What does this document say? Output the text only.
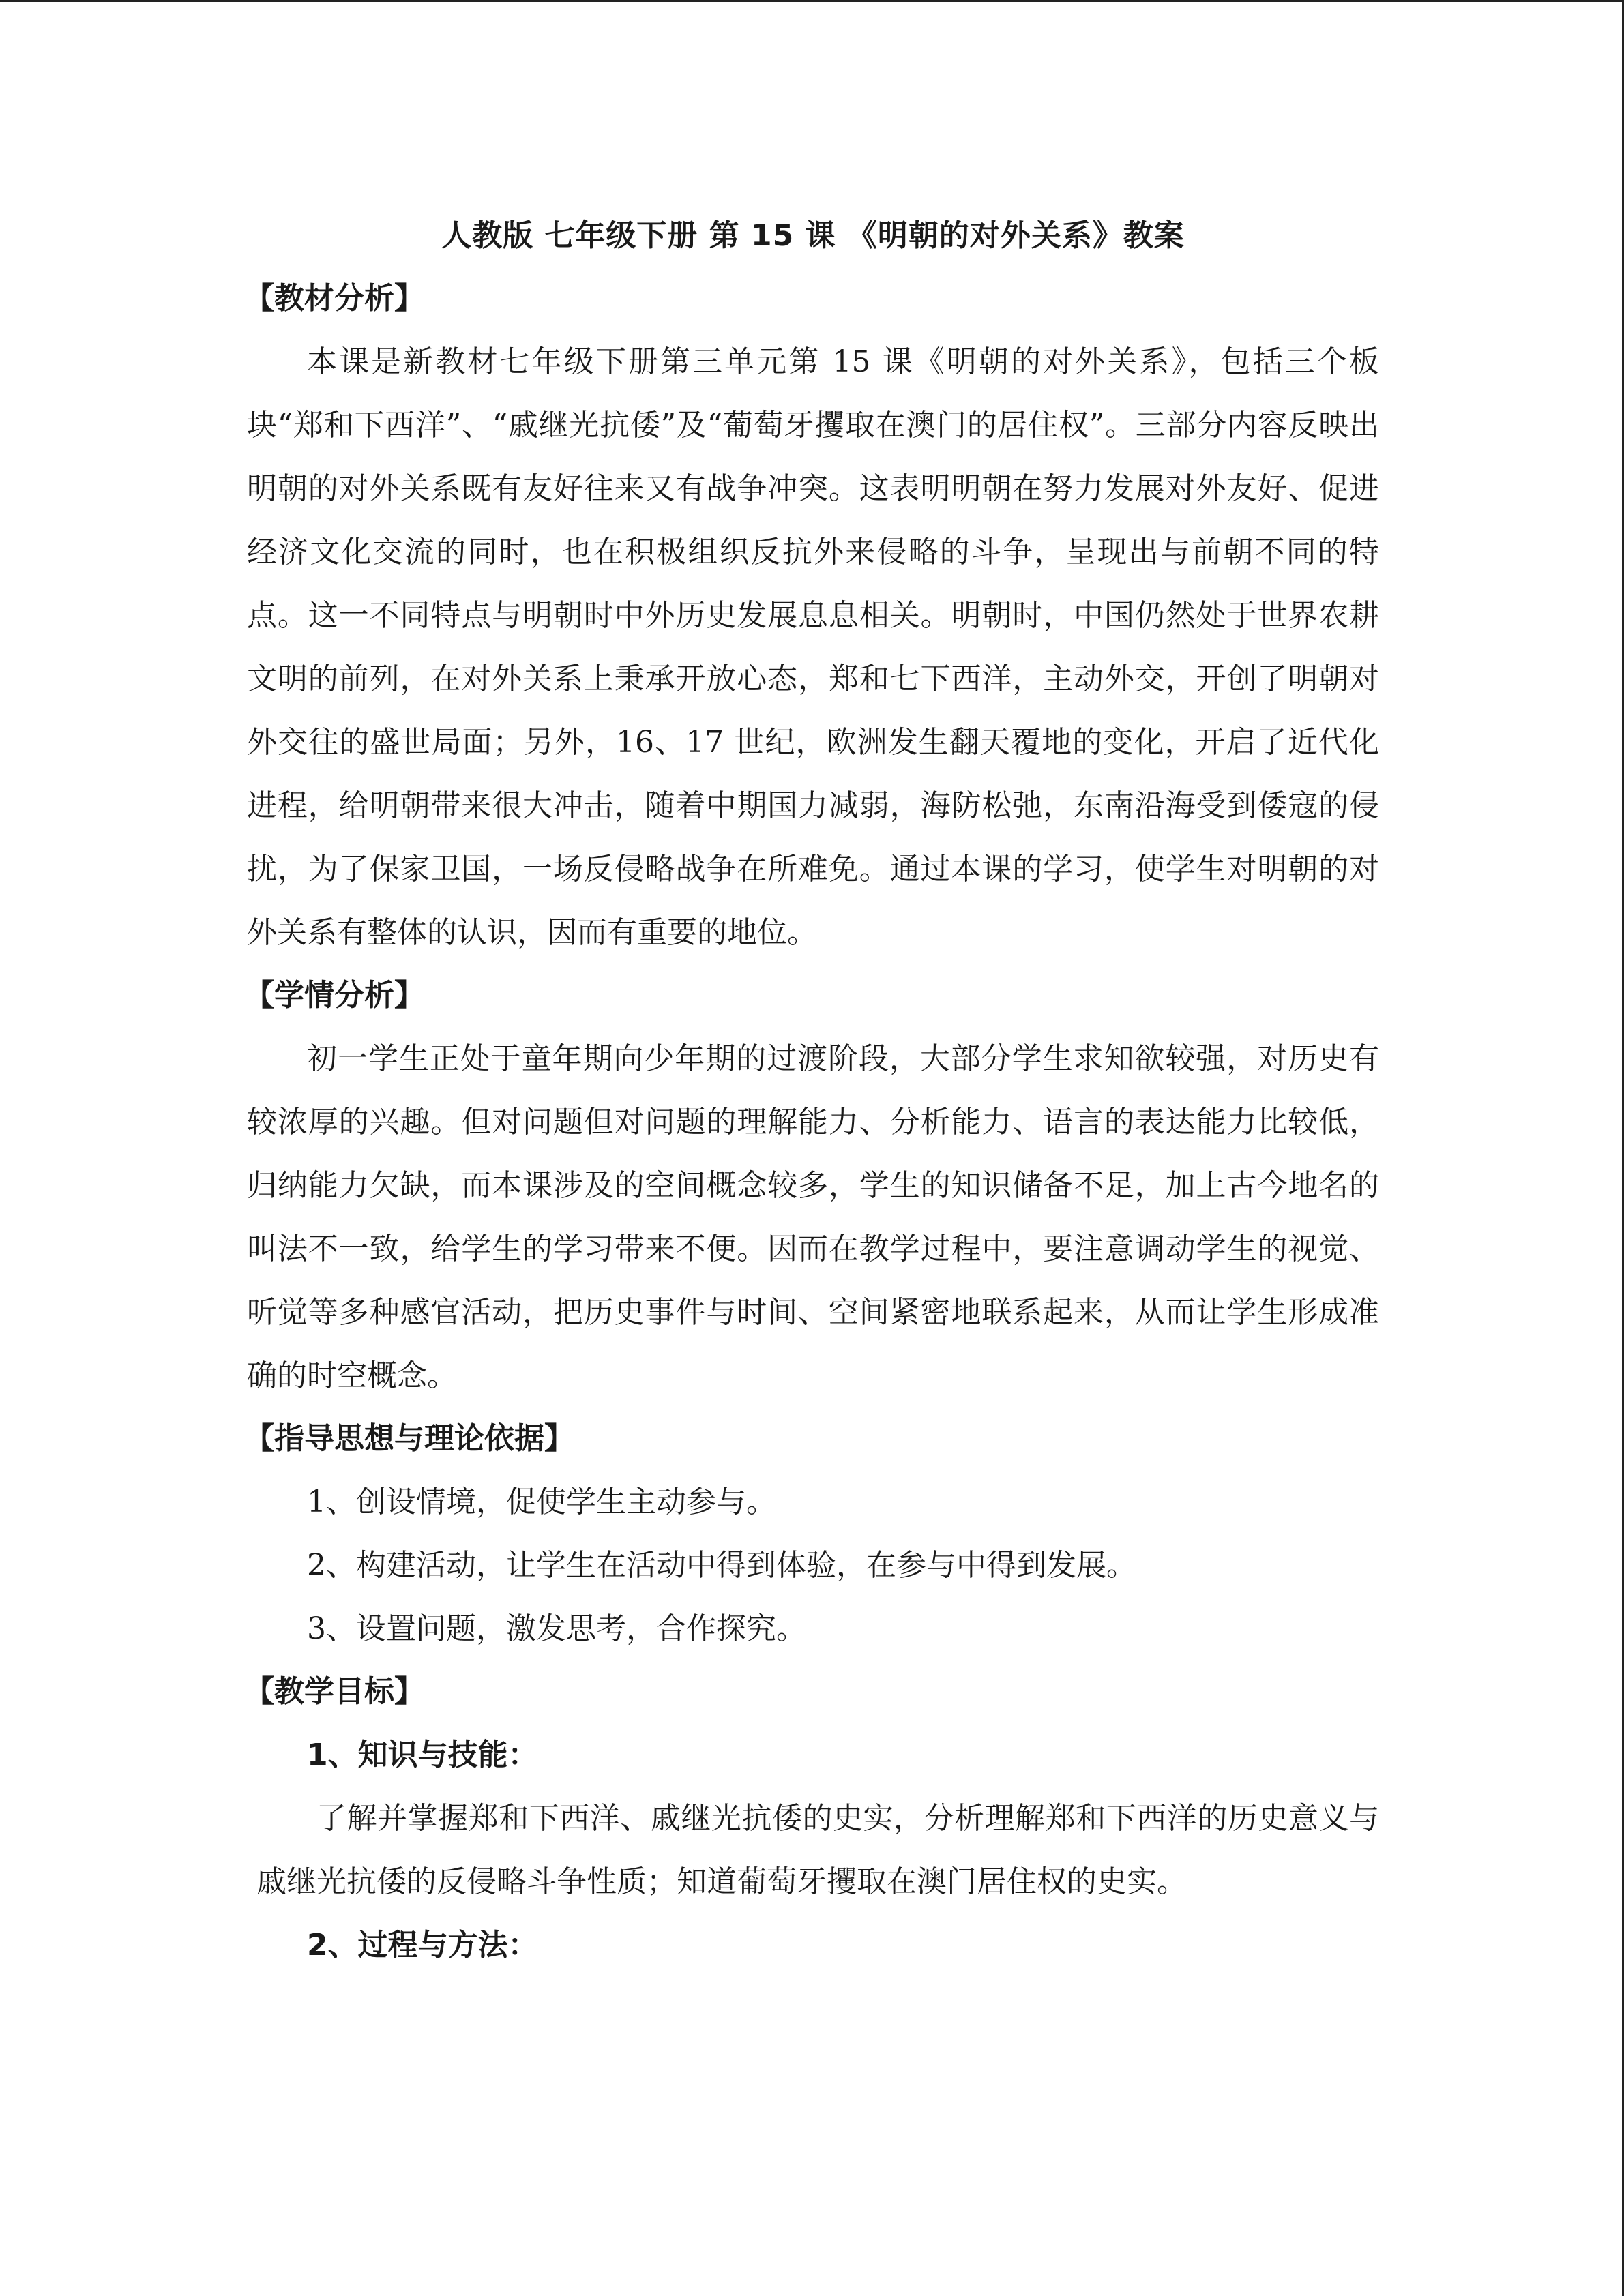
人教版 七年级下册 第 15 课 《明朝的对外关系》教案
【教材分析】

本课是新教材七年级下册第三单元第 15 课《明朝的对外关系》，包括三个板块“郑和下西洋”、“戚继光抗倭”及“葡萄牙攫取在澳门的居住权”。三部分内容反映出明朝的对外关系既有友好往来又有战争冲突。这表明明朝在努力发展对外友好、促进经济文化交流的同时，也在积极组织反抗外来侵略的斗争，呈现出与前朝不同的特点。这一不同特点与明朝时中外历史发展息息相关。明朝时，中国仍然处于世界农耕文明的前列，在对外关系上秉承开放心态，郑和七下西洋，主动外交，开创了明朝对外交往的盛世局面；另外，16、17 世纪，欧洲发生翻天覆地的变化，开启了近代化进程，给明朝带来很大冲击，随着中期国力减弱，海防松弛，东南沿海受到倭寇的侵扰，为了保家卫国，一场反侵略战争在所难免。通过本课的学习，使学生对明朝的对外关系有整体的认识，因而有重要的地位。

【学情分析】

初一学生正处于童年期向少年期的过渡阶段，大部分学生求知欲较强，对历史有较浓厚的兴趣。但对问题但对问题的理解能力、分析能力、语言的表达能力比较低，归纳能力欠缺，而本课涉及的空间概念较多，学生的知识储备不足，加上古今地名的叫法不一致，给学生的学习带来不便。因而在教学过程中，要注意调动学生的视觉、听觉等多种感官活动，把历史事件与时间、空间紧密地联系起来，从而让学生形成准确的时空概念。

【指导思想与理论依据】
1、创设情境，促使学生主动参与。
2、构建活动，让学生在活动中得到体验，在参与中得到发展。
3、设置问题，激发思考，合作探究。
【教学目标】
1、知识与技能：

了解并掌握郑和下西洋、戚继光抗倭的史实，分析理解郑和下西洋的历史意义与戚继光抗倭的反侵略斗争性质；知道葡萄牙攫取在澳门居住权的史实。

2、过程与方法：
